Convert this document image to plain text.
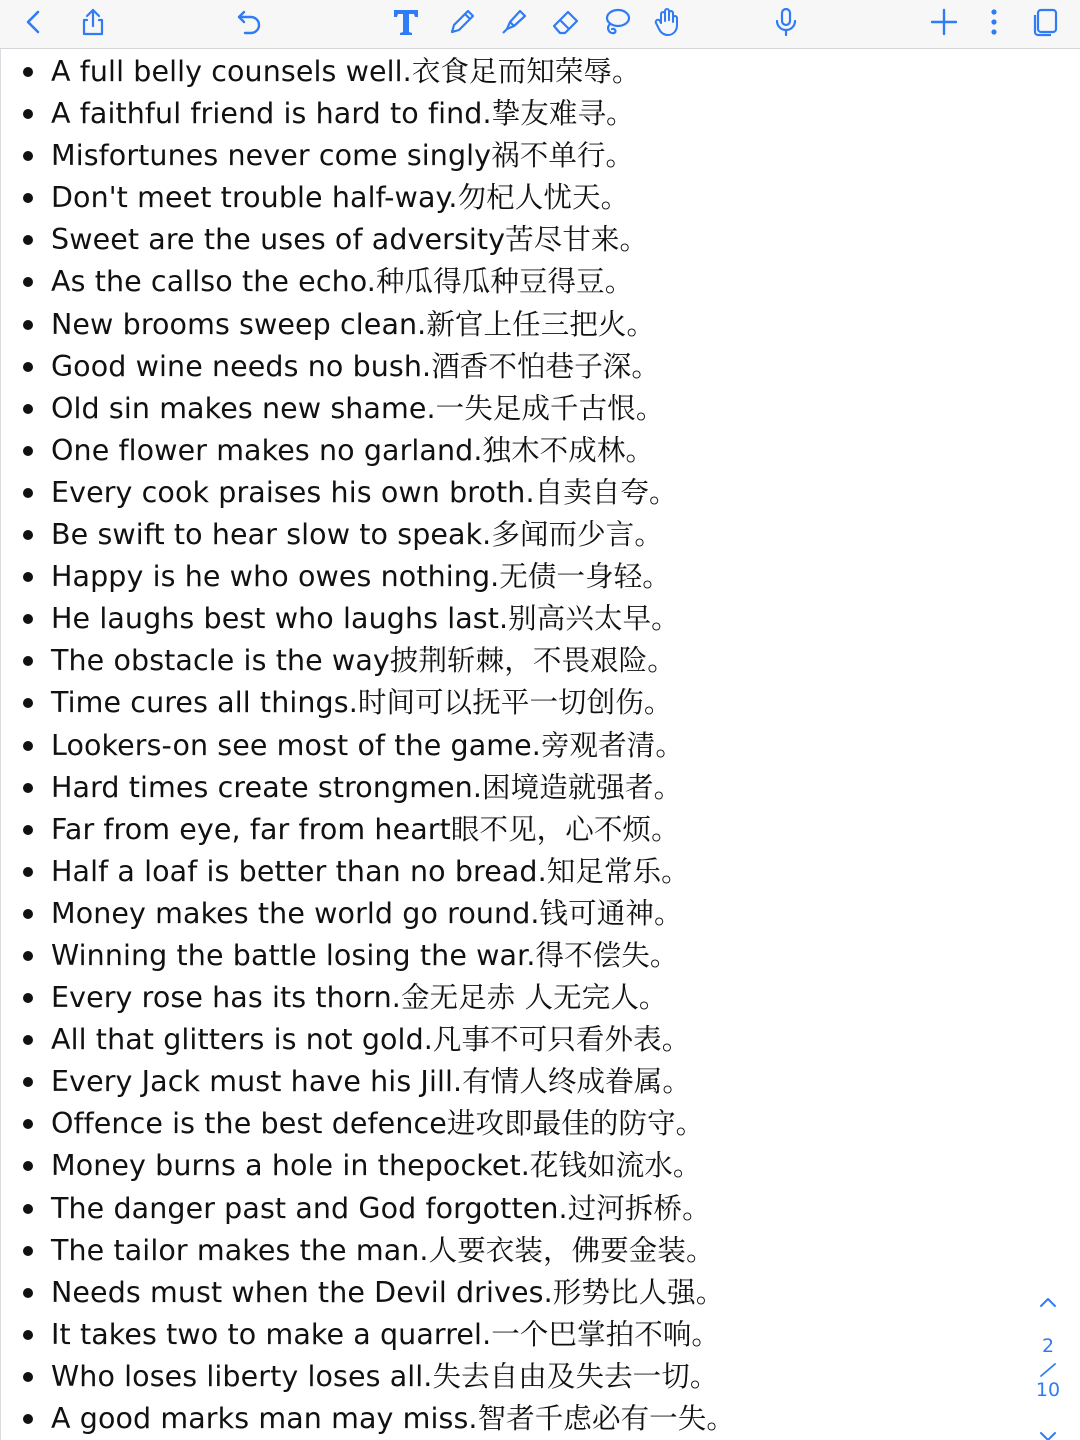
A full belly counsels well.衣食足而知荣辱。
A faithful friend is hard to find.挚友难寻。
Misfortunes never come singly祸不单行。
Don't meet trouble half-way.勿杞人忧天。
Sweet are the uses of adversity苦尽甘来。
As the callso the echo.种瓜得瓜种豆得豆。
New brooms sweep clean.新官上任三把火。
Good wine needs no bush.酒香不怕巷子深。
Old sin makes new shame.一失足成千古恨。
One flower makes no garland.独木不成林。
Every cook praises his own broth.自卖自夸。
Be swift to hear slow to speak.多闻而少言。
Happy is he who owes nothing.无债一身轻。
He laughs best who laughs last.别高兴太早。
The obstacle is the way披荆斩棘，不畏艰险。
Time cures all things.时间可以抚平一切创伤。
Lookers-on see most of the game.旁观者清。
Hard times create strongmen.困境造就强者。
Far from eye, far from heart眼不见，心不烦。
Half a loaf is better than no bread.知足常乐。
Money makes the world go round.钱可通神。
Winning the battle losing the war.得不偿失。
Every rose has its thorn.金无足赤 人无完人。
All that glitters is not gold.凡事不可只看外表。
Every Jack must have his Jill.有情人终成眷属。
Offence is the best defence进攻即最佳的防守。
Money burns a hole in thepocket.花钱如流水。
The danger past and God forgotten.过河拆桥。
The tailor makes the man.人要衣装，佛要金装。
Needs must when the Devil drives.形势比人强。
It takes two to make a quarrel.一个巴掌拍不响。
Who loses liberty loses all.失去自由及失去一切。
A good marks man may miss.智者千虑必有一失。
2
10
